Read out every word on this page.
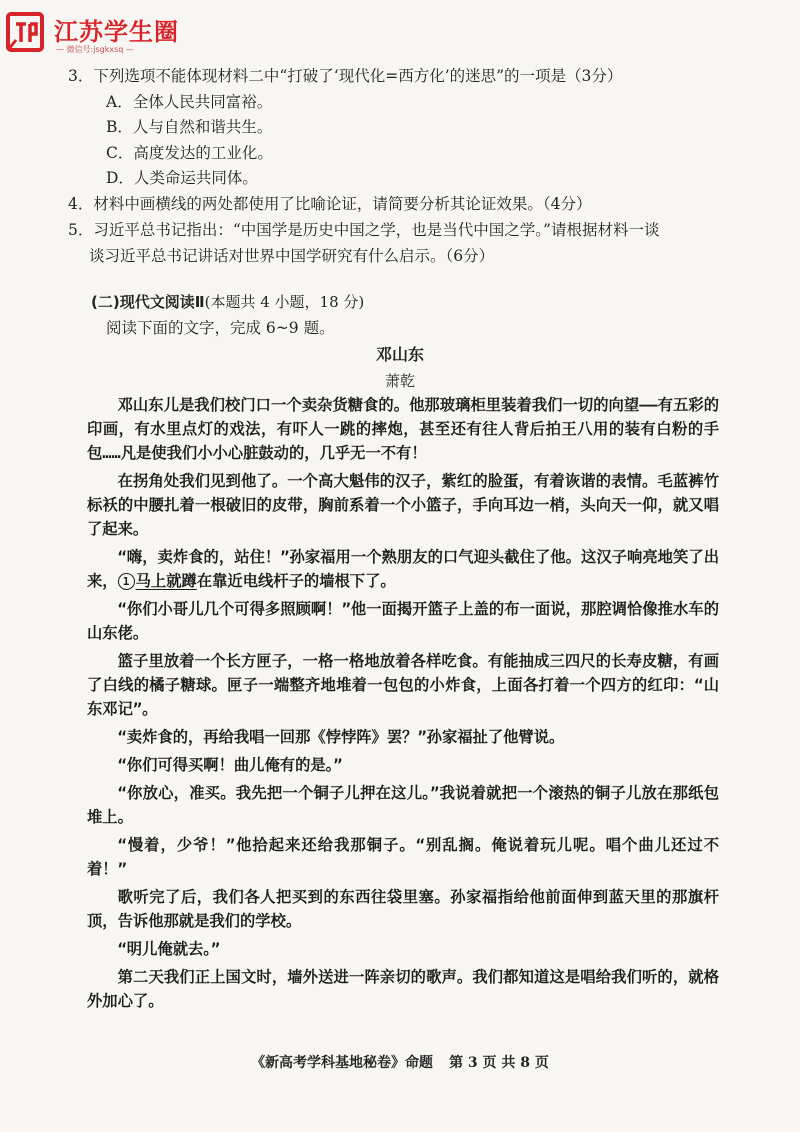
江苏学生圈
— 微信号:jsgkxsq —
3．下列选项不能体现材料二中“打破了‘现代化=西方化’的迷思”的一项是（3分）
A．全体人民共同富裕。
B．人与自然和谐共生。
C．高度发达的工业化。
D．人类命运共同体。
4．材料中画横线的两处都使用了比喻论证，请简要分析其论证效果。（4分）
5．习近平总书记指出：“中国学是历史中国之学，也是当代中国之学。”请根据材料一谈
谈习近平总书记讲话对世界中国学研究有什么启示。（6分）
(二)现代文阅读Ⅱ(本题共 4 小题，18 分)
阅读下面的文字，完成 6~9 题。
邓山东
萧乾

邓山东儿是我们校门口一个卖杂货糖食的。他那玻璃柜里装着我们一切的向望——有五彩的印画，有水里点灯的戏法，有吓人一跳的摔炮，甚至还有往人背后拍王八用的装有白粉的手包……凡是使我们小小心脏鼓动的，几乎无一不有！

在拐角处我们见到他了。一个高大魁伟的汉子，紫红的脸蛋，有着诙谐的表情。毛蓝裤竹标袄的中腰扎着一根破旧的皮带，胸前系着一个小篮子，手向耳边一梢，头向天一仰，就又唱了起来。

“嗨，卖炸食的，站住！”孙家福用一个熟朋友的口气迎头截住了他。这汉子响亮地笑了出来， 1 马上就蹲在靠近电线杆子的墙根下了。

“你们小哥儿几个可得多照顾啊！”他一面揭开篮子上盖的布一面说，那腔调恰像推水车的山东佬。

篮子里放着一个长方匣子，一格一格地放着各样吃食。有能抽成三四尺的长寿皮糖，有画了白线的橘子糖球。匣子一端整齐地堆着一包包的小炸食，上面各打着一个四方的红印：“山东邓记”。

“卖炸食的，再给我唱一回那《悖悖阵》罢？”孙家福扯了他臂说。

“你们可得买啊！曲儿俺有的是。”

“你放心，准买。我先把一个铜子儿押在这儿。”我说着就把一个滚热的铜子儿放在那纸包堆上。

“慢着，少爷！”他拾起来还给我那铜子。“别乱搁。俺说着玩儿呢。唱个曲儿还过不着！”

歌听完了后，我们各人把买到的东西往袋里塞。孙家福指给他前面伸到蓝天里的那旗杆顶，告诉他那就是我们的学校。

“明儿俺就去。”

第二天我们正上国文时，墙外送进一阵亲切的歌声。我们都知道这是唱给我们听的，就格外加心了。

《新高考学科基地秘卷》命题 第 3 页 共 8 页
